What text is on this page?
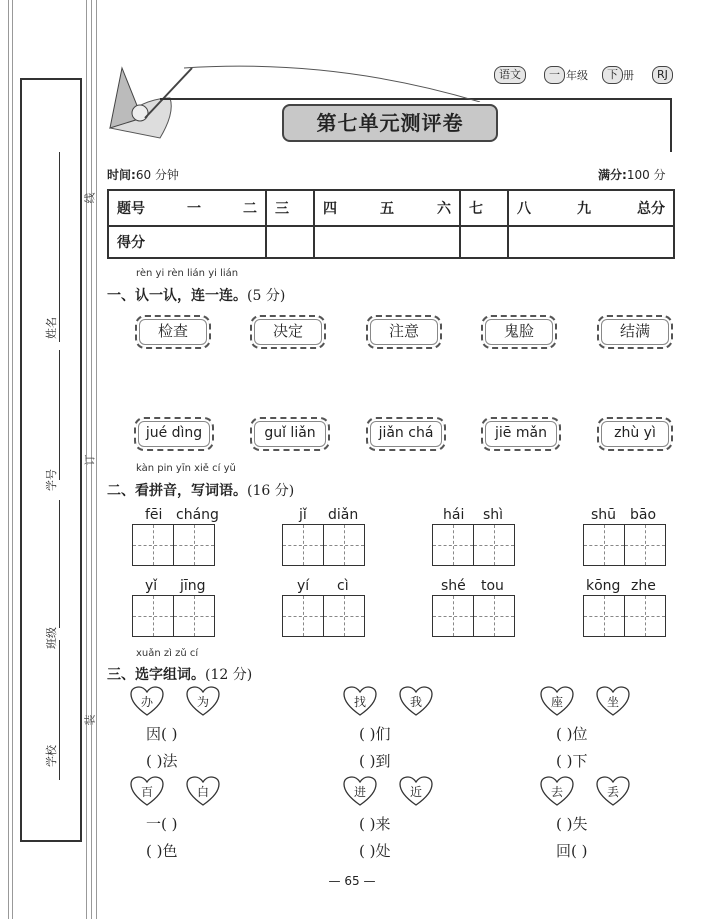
姓名
学号
班级
学校
线
订
装
第七单元测评卷
语文	一 年级	下 册	RJ
时间:60 分钟	满分:100 分
题号 一 二	三	四 五 六	七	八 九 总分

得分				
rèn yi rèn lián yi lián
一、认一认，连一连。(5 分)
检查	决定	注意	鬼脸	结满
jué dìng	guǐ liǎn	jiǎn chá	jiē mǎn	zhù yì
kàn pin yīn xiě cí yǔ
二、看拼音，写词语。(16 分)
fēi cháng	jǐ diǎn	hái shì	shū bāo
yǐ jīng	yí cì	shé tou	kōng zhe
xuǎn zì zǔ cí
三、选字组词。(12 分)
办	为
因( )
( )法
找	我
( )们
( )到
座	坐
( )位
( )下
百	白
一( )
( )色
进	近
( )来
( )处
去	丢
( )失
回( )
— 65 —
